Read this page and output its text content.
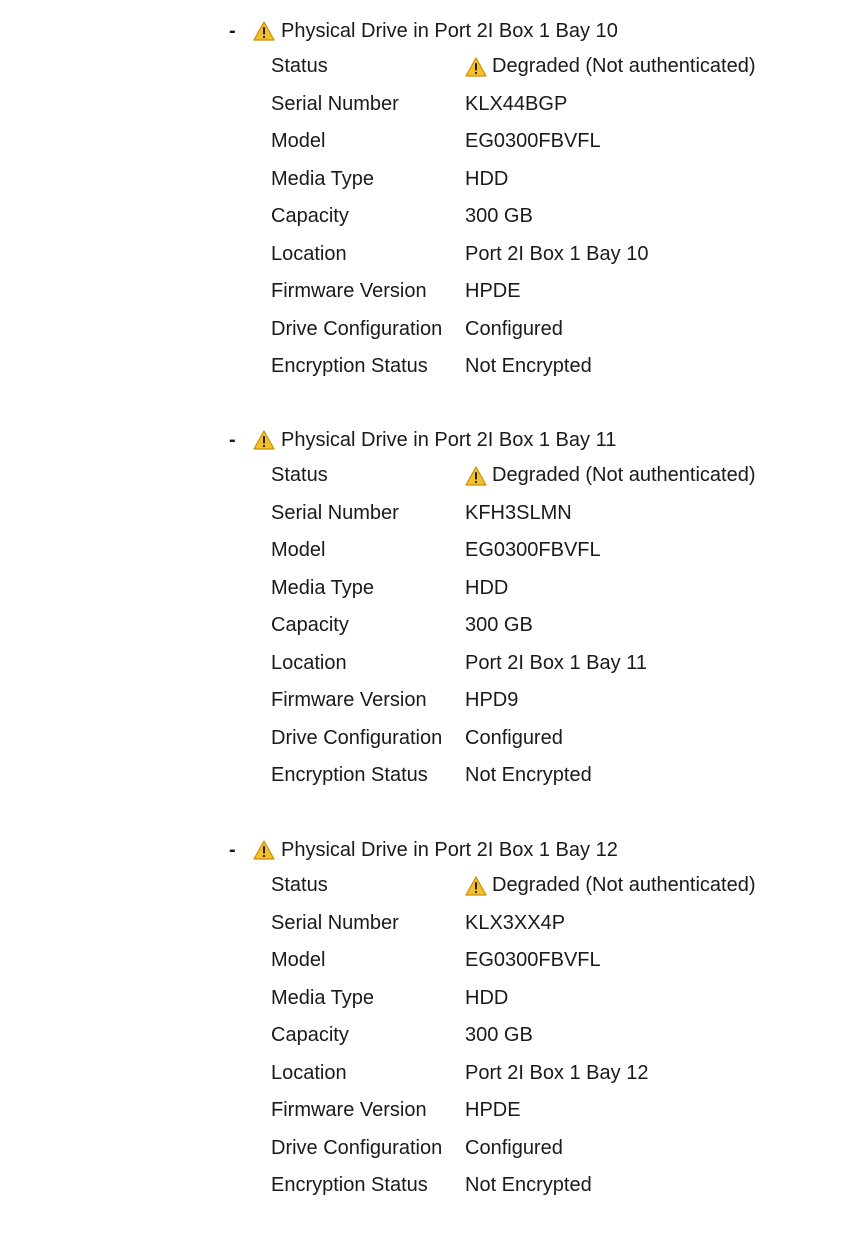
-	Physical Drive in Port 2I Box 1 Bay 10
Status	Degraded (Not authenticated)
Serial Number	KLX44BGP
Model	EG0300FBVFL
Media Type	HDD
Capacity	300 GB
Location	Port 2I Box 1 Bay 10
Firmware Version	HPDE
Drive Configuration	Configured
Encryption Status	Not Encrypted
-	Physical Drive in Port 2I Box 1 Bay 11
Status	Degraded (Not authenticated)
Serial Number	KFH3SLMN
Model	EG0300FBVFL
Media Type	HDD
Capacity	300 GB
Location	Port 2I Box 1 Bay 11
Firmware Version	HPD9
Drive Configuration	Configured
Encryption Status	Not Encrypted
-	Physical Drive in Port 2I Box 1 Bay 12
Status	Degraded (Not authenticated)
Serial Number	KLX3XX4P
Model	EG0300FBVFL
Media Type	HDD
Capacity	300 GB
Location	Port 2I Box 1 Bay 12
Firmware Version	HPDE
Drive Configuration	Configured
Encryption Status	Not Encrypted
